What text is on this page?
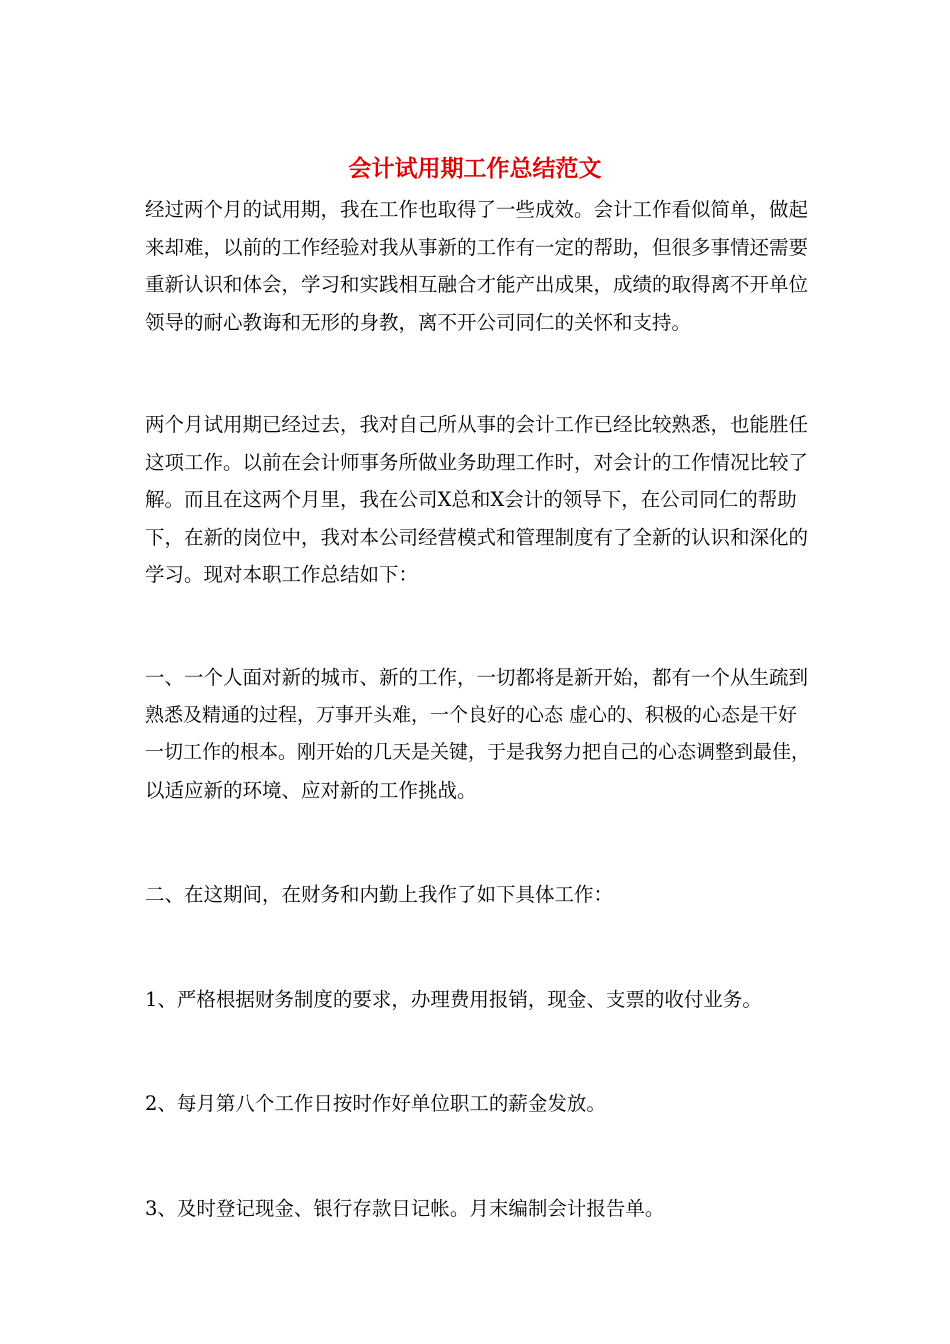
会计试用期工作总结范文
经过两个月的试用期，我在工作也取得了一些成效。会计工作看似简单，做起
来却难，以前的工作经验对我从事新的工作有一定的帮助，但很多事情还需要
重新认识和体会，学习和实践相互融合才能产出成果，成绩的取得离不开单位
领导的耐心教诲和无形的身教，离不开公司同仁的关怀和支持。
两个月试用期已经过去，我对自己所从事的会计工作已经比较熟悉，也能胜任
这项工作。以前在会计师事务所做业务助理工作时，对会计的工作情况比较了
解。而且在这两个月里，我在公司X总和X会计的领导下，在公司同仁的帮助
下，在新的岗位中，我对本公司经营模式和管理制度有了全新的认识和深化的
学习。现对本职工作总结如下：
一、一个人面对新的城市、新的工作，一切都将是新开始，都有一个从生疏到
熟悉及精通的过程，万事开头难，一个良好的心态 虚心的、积极的心态是干好
一切工作的根本。刚开始的几天是关键，于是我努力把自己的心态调整到最佳，
以适应新的环境、应对新的工作挑战。
二、在这期间，在财务和内勤上我作了如下具体工作：
1、严格根据财务制度的要求，办理费用报销，现金、支票的收付业务。
2、每月第八个工作日按时作好单位职工的薪金发放。
3、及时登记现金、银行存款日记帐。月末编制会计报告单。
